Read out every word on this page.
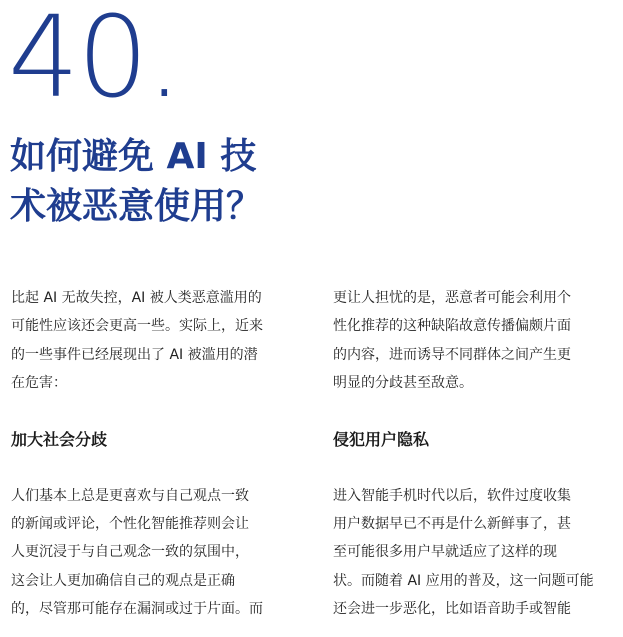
40.
如何避免 AI 技
术被恶意使用？

比起 AI 无故失控，AI 被人类恶意滥用的
可能性应该还会更高一些。实际上，近来
的一些事件已经展现出了 AI 被滥用的潜
在危害：

加大社会分歧

人们基本上总是更喜欢与自己观点一致
的新闻或评论，个性化智能推荐则会让
人更沉浸于与自己观念一致的氛围中，
这会让人更加确信自己的观点是正确
的，尽管那可能存在漏洞或过于片面。而

更让人担忧的是，恶意者可能会利用个
性化推荐的这种缺陷故意传播偏颇片面
的内容，进而诱导不同群体之间产生更
明显的分歧甚至敌意。

侵犯用户隐私

进入智能手机时代以后，软件过度收集
用户数据早已不再是什么新鲜事了，甚
至可能很多用户早就适应了这样的现
状。而随着 AI 应用的普及，这一问题可能
还会进一步恶化，比如语音助手或智能
